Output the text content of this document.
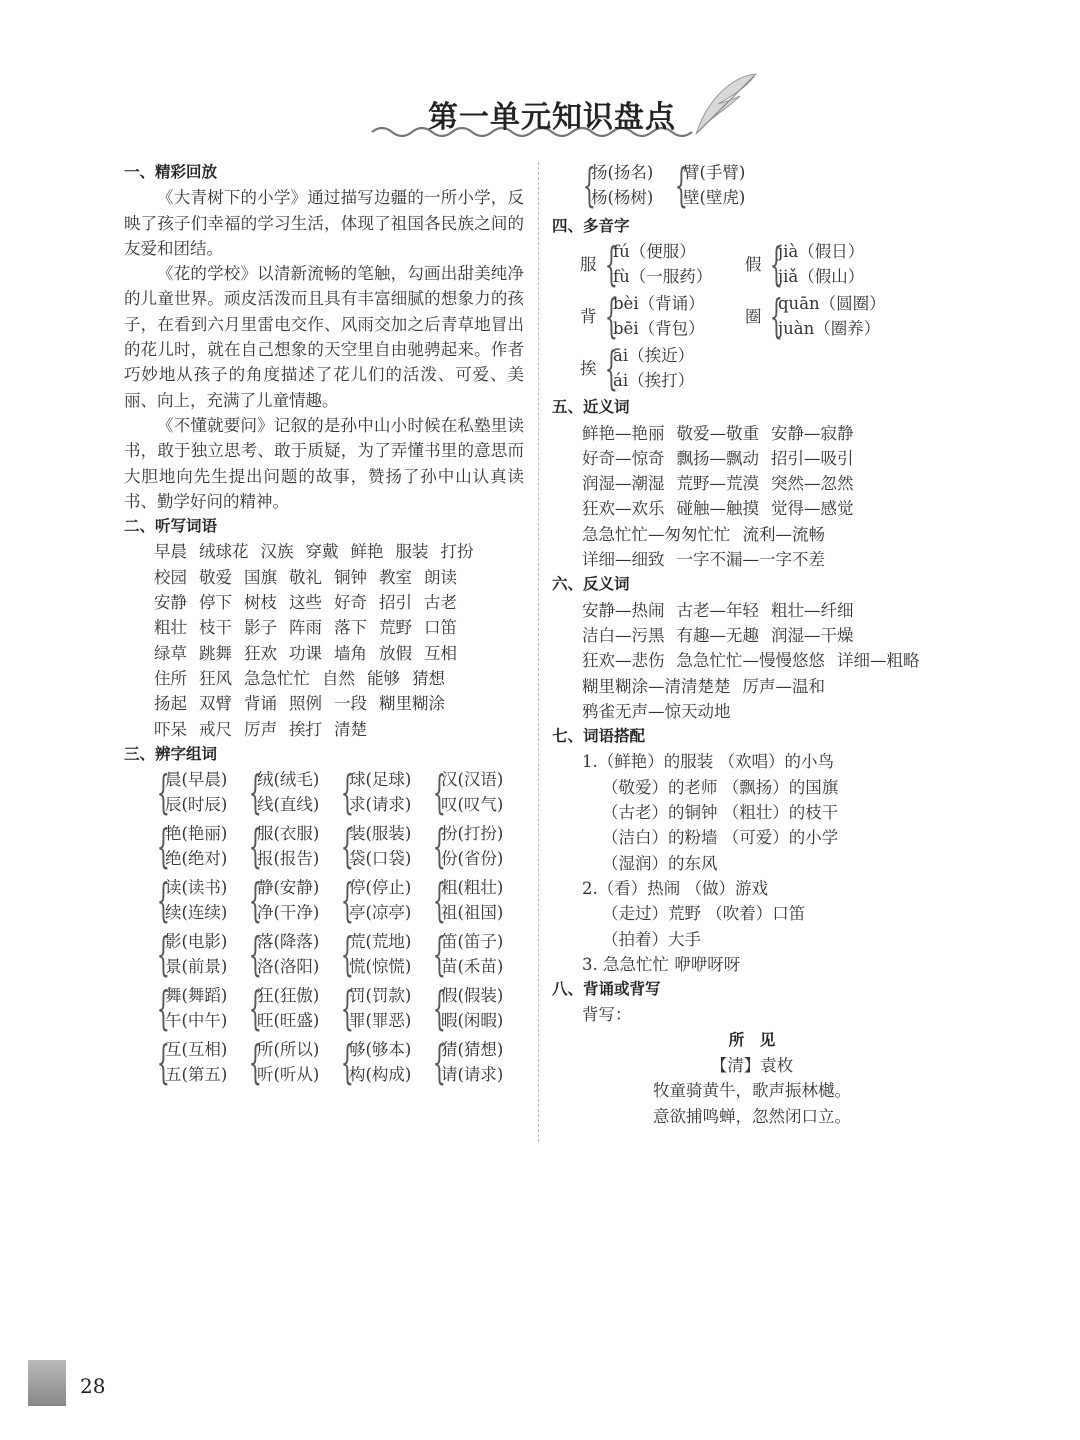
第一单元知识盘点
一、精彩回放
《大青树下的小学》通过描写边疆的一所小学，反映了孩子们幸福的学习生活，体现了祖国各民族之间的友爱和团结。
《花的学校》以清新流畅的笔触，勾画出甜美纯净的儿童世界。顽皮活泼而且具有丰富细腻的想象力的孩子，在看到六月里雷电交作、风雨交加之后青草地冒出的花儿时，就在自己想象的天空里自由驰骋起来。作者巧妙地从孩子的角度描述了花儿们的活泼、可爱、美丽、向上，充满了儿童情趣。
《不懂就要问》记叙的是孙中山小时候在私塾里读书，敢于独立思考、敢于质疑，为了弄懂书里的意思而大胆地向先生提出问题的故事，赞扬了孙中山认真读书、勤学好问的精神。
二、听写词语
早晨 绒球花 汉族 穿戴 鲜艳 服装 打扮
校园 敬爱 国旗 敬礼 铜钟 教室 朗读
安静 停下 树枝 这些 好奇 招引 古老
粗壮 枝干 影子 阵雨 落下 荒野 口笛
绿草 跳舞 狂欢 功课 墙角 放假 互相
住所 狂风 急急忙忙 自然 能够 猜想
扬起 双臂 背诵 照例 一段 糊里糊涂
吓呆 戒尺 厉声 挨打 清楚
三、辨字组词
{
晨(早晨)
辰(时辰) {
绒(绒毛)
线(直线) {
球(足球)
求(请求) {
汉(汉语)
叹(叹气)
{
艳(艳丽)
绝(绝对) {
服(衣服)
报(报告) {
装(服装)
袋(口袋) {
扮(打扮)
份(省份)
{
读(读书)
续(连续) {
静(安静)
净(干净) {
停(停止)
亭(凉亭) {
粗(粗壮)
祖(祖国)
{
影(电影)
景(前景) {
落(降落)
洛(洛阳) {
荒(荒地)
慌(惊慌) {
笛(笛子)
苗(禾苗)
{
舞(舞蹈)
午(中午) {
狂(狂傲)
旺(旺盛) {
罚(罚款)
罪(罪恶) {
假(假装)
暇(闲暇)
{
互(互相)
五(第五) {
所(所以)
听(听从) {
够(够本)
构(构成) {
猜(猜想)
请(请求)
{
扬(扬名)
杨(杨树) {
臂(手臂)
壁(壁虎)
四、多音字
服 {
fú（便服）
fù（一服药）
假 {
jià（假日）
jiǎ（假山）
背 {
bèi（背诵）
bēi（背包）
圈 {
quān（圆圈）
juàn（圈养）
挨 {
āi（挨近）
ái（挨打）
五、近义词
鲜艳—艳丽 敬爱—敬重 安静—寂静
好奇—惊奇 飘扬—飘动 招引—吸引
润湿—潮湿 荒野—荒漠 突然—忽然
狂欢—欢乐 碰触—触摸 觉得—感觉
急急忙忙—匆匆忙忙 流利—流畅
详细—细致 一字不漏—一字不差
六、反义词
安静—热闹 古老—年轻 粗壮—纤细
洁白—污黑 有趣—无趣 润湿—干燥
狂欢—悲伤 急急忙忙—慢慢悠悠 详细—粗略
糊里糊涂—清清楚楚 厉声—温和
鸦雀无声—惊天动地
七、词语搭配
1.（鲜艳）的服装 （欢唱）的小鸟
（敬爱）的老师 （飘扬）的国旗
（古老）的铜钟 （粗壮）的枝干
（洁白）的粉墙 （可爱）的小学
（湿润）的东风
2.（看）热闹 （做）游戏
（走过）荒野 （吹着）口笛
（拍着）大手
3. 急急忙忙 咿咿呀呀
八、背诵或背写
背写：
所　见
【清】袁枚
牧童骑黄牛，歌声振林樾。
意欲捕鸣蝉，忽然闭口立。
28
